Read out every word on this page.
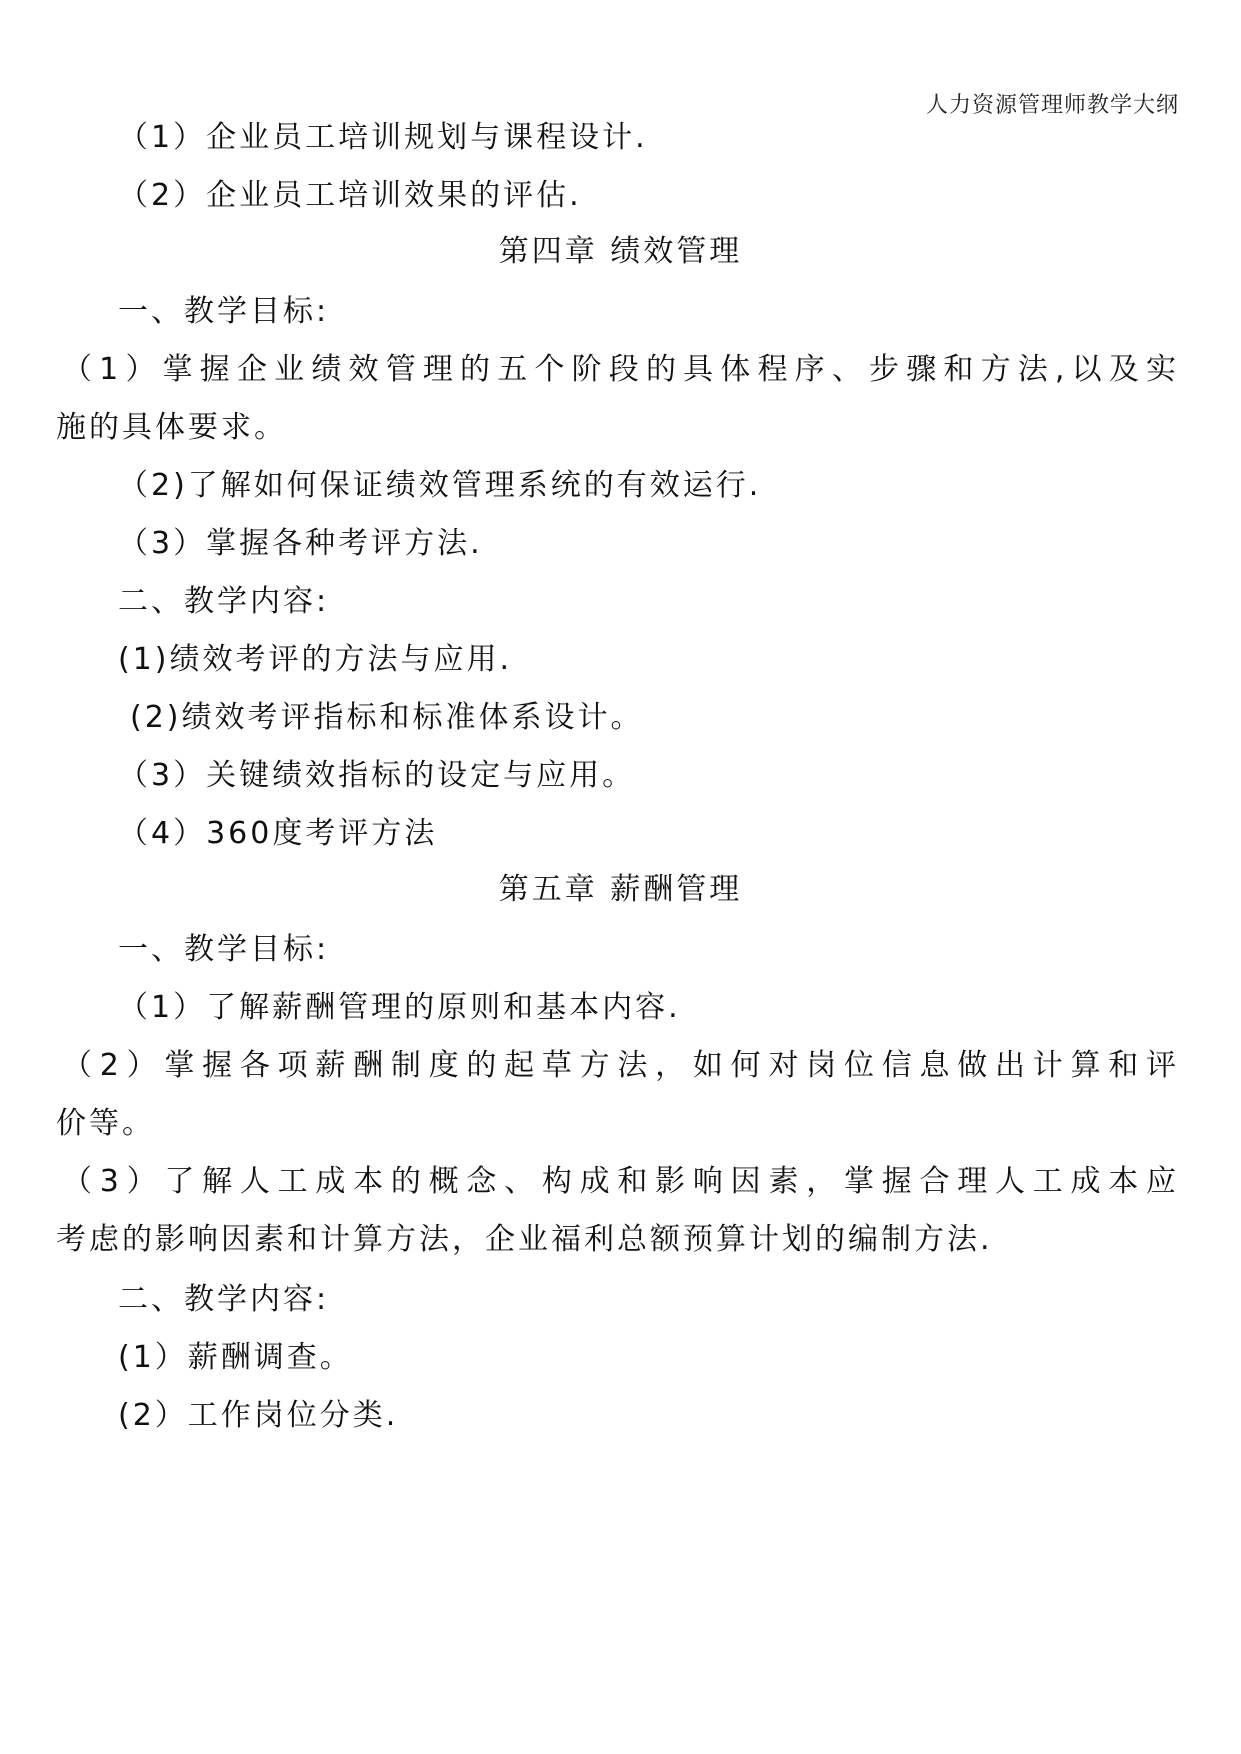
人力资源管理师教学大纲
（1）企业员工培训规划与课程设计.
（2）企业员工培训效果的评估.
第四章 绩效管理
一、教学目标:
（1）掌握企业绩效管理的五个阶段的具体程序、步骤和方法,以及实
施的具体要求。
（2)了解如何保证绩效管理系统的有效运行.
（3）掌握各种考评方法.
二、教学内容:
(1)绩效考评的方法与应用.
(2)绩效考评指标和标准体系设计。
（3）关键绩效指标的设定与应用。
（4）360度考评方法
第五章 薪酬管理
一、教学目标:
（1）了解薪酬管理的原则和基本内容.
（2）掌握各项薪酬制度的起草方法，如何对岗位信息做出计算和评
价等。
（3）了解人工成本的概念、构成和影响因素，掌握合理人工成本应
考虑的影响因素和计算方法，企业福利总额预算计划的编制方法.
二、教学内容:
(1）薪酬调查。
(2）工作岗位分类.
